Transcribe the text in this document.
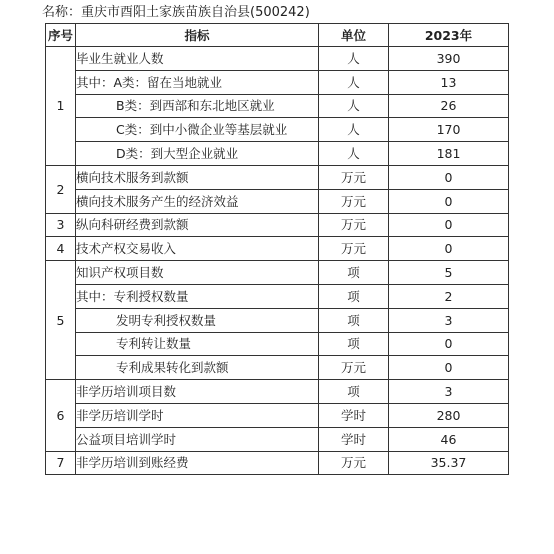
名称：重庆市酉阳土家族苗族自治县(500242)
序号	指标	单位	2023年
1	毕业生就业人数	人	390
	其中：A类：留在当地就业	人	13
	B类：到西部和东北地区就业	人	26
	C类：到中小微企业等基层就业	人	170
	D类：到大型企业就业	人	181
2	横向技术服务到款额	万元	0
	横向技术服务产生的经济效益	万元	0
3	纵向科研经费到款额	万元	0
4	技术产权交易收入	万元	0
5	知识产权项目数	项	5
	其中：专利授权数量	项	2
	发明专利授权数量	项	3
	专利转让数量	项	0
	专利成果转化到款额	万元	0
6	非学历培训项目数	项	3
	非学历培训学时	学时	280
	公益项目培训学时	学时	46
7	非学历培训到账经费	万元	35.37
